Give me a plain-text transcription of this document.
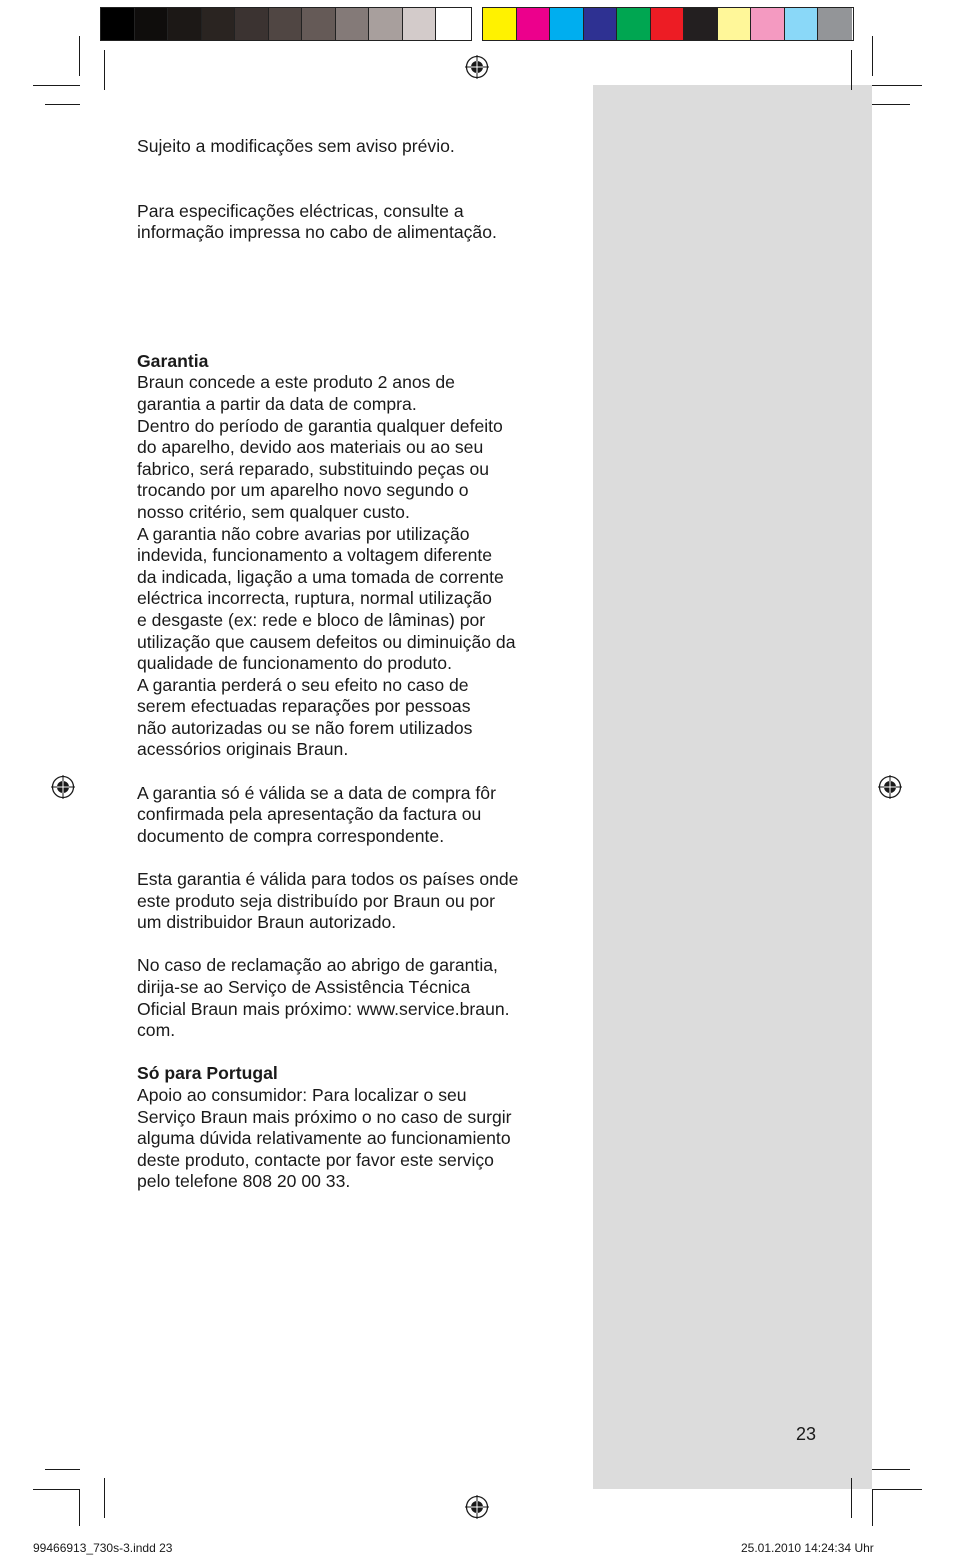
Sujeito a modificações sem aviso prévio.

Para especificações eléctricas, consulte a
informação impressa no cabo de alimentação.

Garantia

Braun concede a este produto 2 anos de
garantia a partir da data de compra.
Dentro do período de garantia qualquer defeito
do aparelho, devido aos materiais ou ao seu
fabrico, será reparado, substituindo peças ou
trocando por um aparelho novo segundo o
nosso critério, sem qualquer custo.
A garantia não cobre avarias por utilização
indevida, funcionamento a voltagem diferente
da indicada, ligação a uma tomada de corrente
eléctrica incorrecta, ruptura, normal utilização
e desgaste (ex: rede e bloco de lâminas) por
utilização que causem defeitos ou diminuição da
qualidade de funcionamento do produto.
A garantia perderá o seu efeito no caso de
serem efectuadas reparações por pessoas
não autorizadas ou se não forem utilizados
acessórios originais Braun.

A garantia só é válida se a data de compra fôr
confirmada pela apresentação da factura ou
documento de compra correspondente.

Esta garantia é válida para todos os países onde
este produto seja distribuído por Braun ou por
um distribuidor Braun autorizado.

No caso de reclamação ao abrigo de garantia,
dirija-se ao Serviço de Assistência Técnica
Oficial Braun mais próximo: www.service.braun.
com.

Só para Portugal

Apoio ao consumidor: Para localizar o seu
Serviço Braun mais próximo o no caso de surgir
alguma dúvida relativamente ao funcionamiento
deste produto, contacte por favor este serviço
pelo telefone 808 20 00 33.

23
99466913_730s-3.indd 23	25.01.2010 14:24:34 Uhr
